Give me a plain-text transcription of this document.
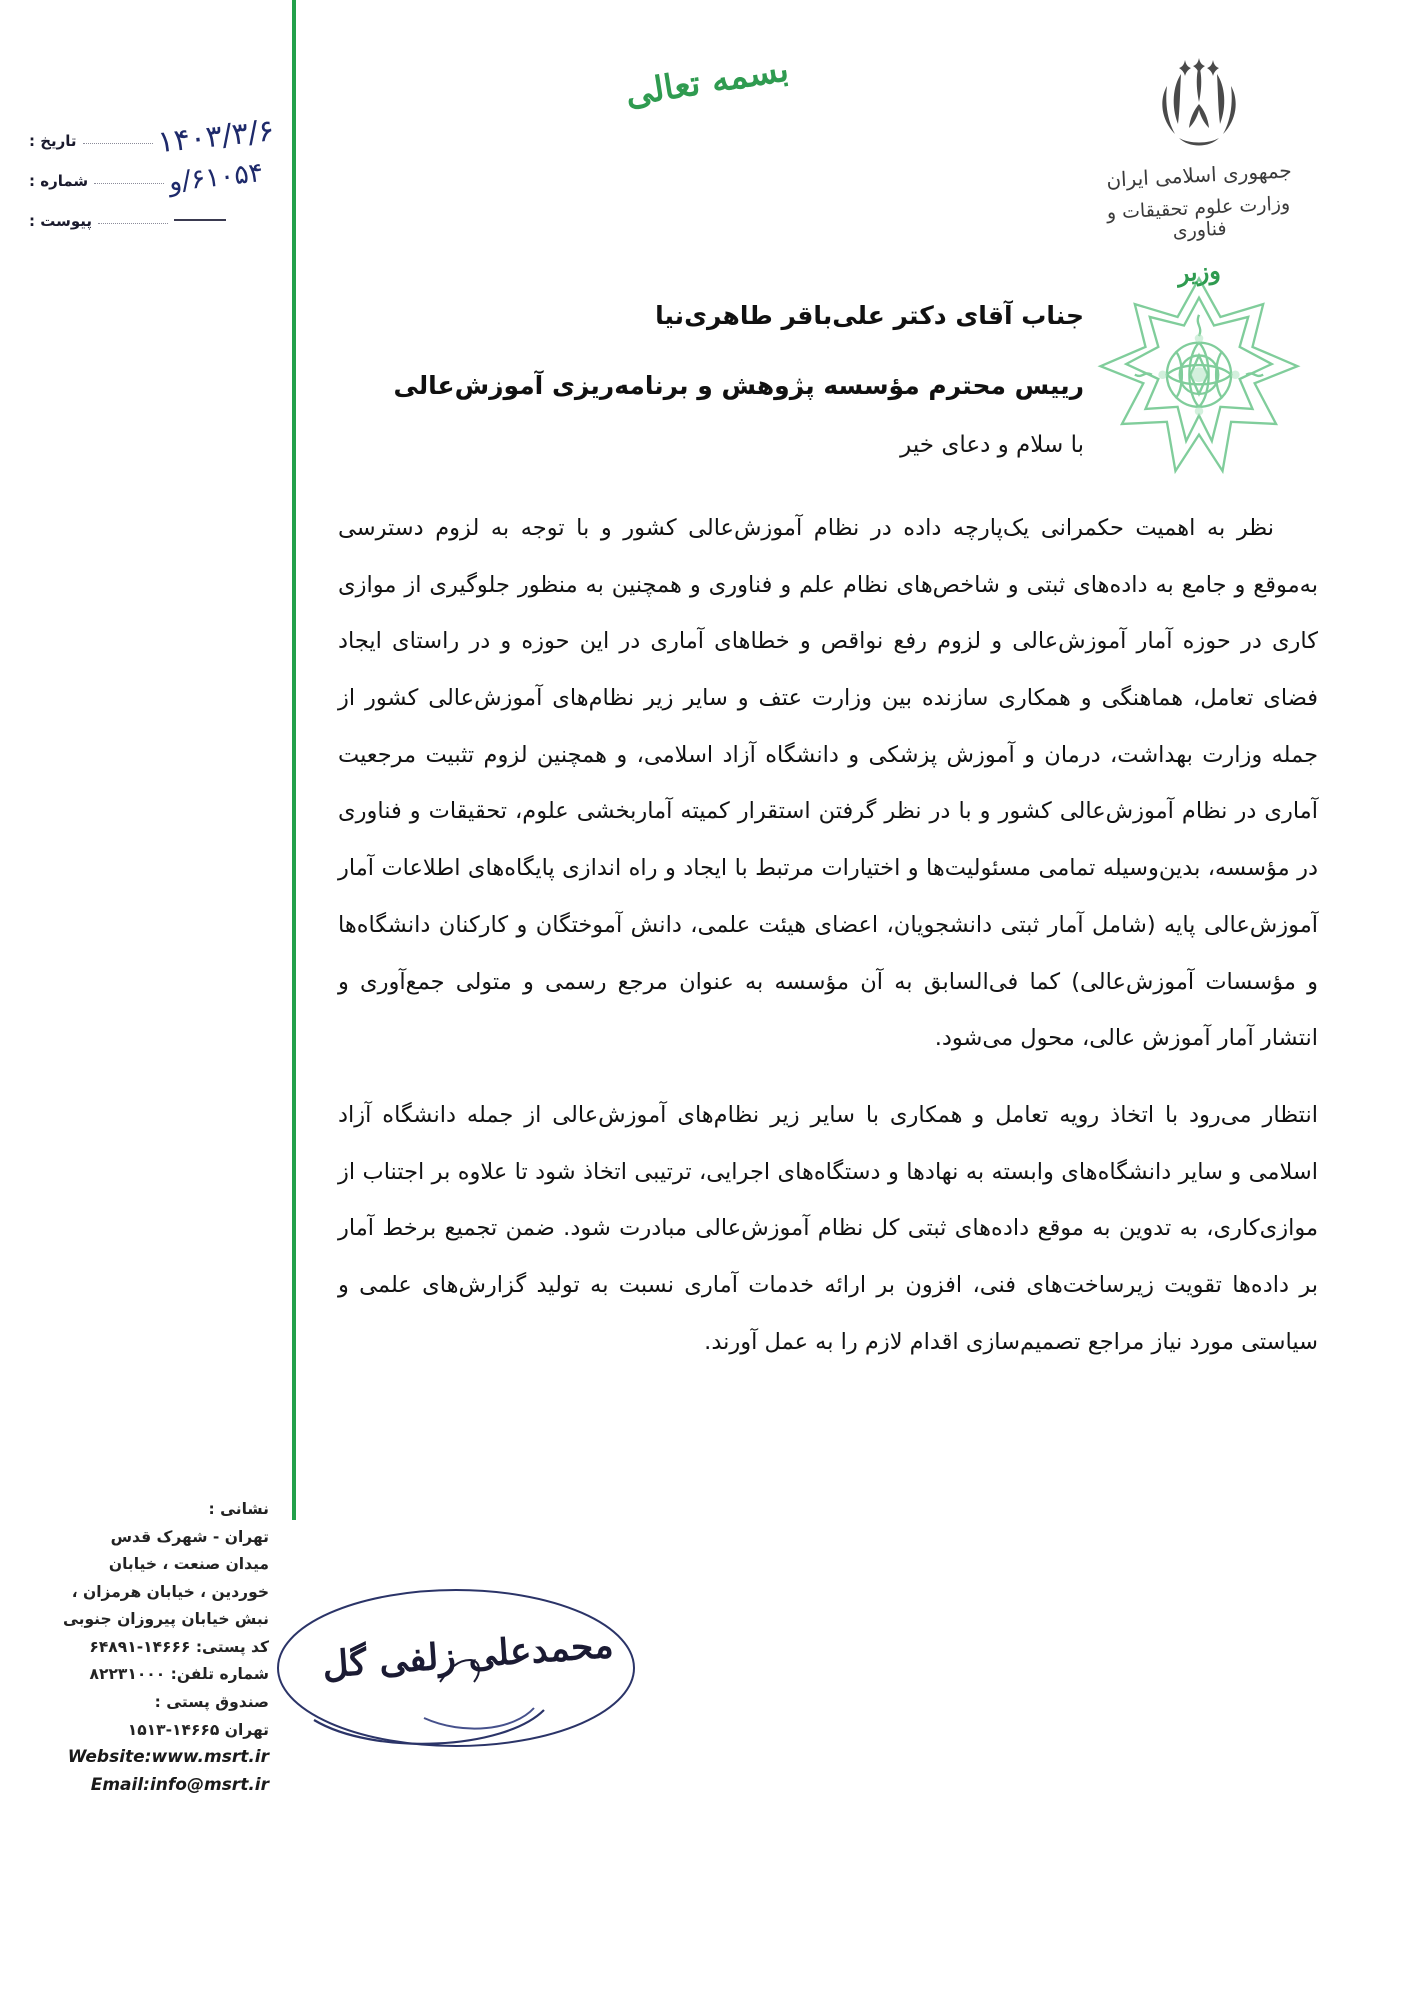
بسمه تعالی
تاریخ :	۱۴۰۳/۳/۶
شماره :	۶۱۰۵۴/و
پیوست :
جمهوری اسلامی ایران
وزارت علوم تحقیقات و فناوری
وزیر
جناب آقای دکتر علی‌باقر طاهری‌نیا
رییس محترم مؤسسه پژوهش و برنامه‌ریزی آموزش‌عالی
با سلام و دعای خیر

نظر به اهمیت حکمرانی یک‌پارچه داده در نظام آموزش‌عالی کشور و با توجه به لزوم دسترسی به‌موقع و جامع به داده‌های ثبتی و شاخص‌های نظام علم و فناوری و همچنین به منظور جلوگیری از موازی کاری در حوزه آمار آموزش‌عالی و لزوم رفع نواقص و خطاهای آماری در این حوزه و در راستای ایجاد فضای تعامل، هماهنگی و همکاری سازنده بین وزارت عتف و سایر زیر نظام‌های آموزش‌عالی کشور از جمله وزارت بهداشت، درمان و آموزش پزشکی و دانشگاه آزاد اسلامی، و همچنین لزوم تثبیت مرجعیت آماری در نظام آموزش‌عالی کشور و با در نظر گرفتن استقرار کمیته آماربخشی علوم، تحقیقات و فناوری در مؤسسه، بدین‌وسیله تمامی مسئولیت‌ها و اختیارات مرتبط با ایجاد و راه اندازی پایگاه‌های اطلاعات آمار آموزش‌عالی پایه (شامل آمار ثبتی دانشجویان، اعضای هیئت علمی، دانش آموختگان و کارکنان دانشگاه‌ها و مؤسسات آموزش‌عالی) کما فی‌السابق به آن مؤسسه به عنوان مرجع رسمی و متولی جمع‌آوری و انتشار آمار آموزش عالی، محول می‌شود.

انتظار می‌رود با اتخاذ رویه تعامل و همکاری با سایر زیر نظام‌های آموزش‌عالی از جمله دانشگاه آزاد اسلامی و سایر دانشگاه‌های وابسته به نهادها و دستگاه‌های اجرایی، ترتیبی اتخاذ شود تا علاوه بر اجتناب از موازی‌کاری، به تدوین به موقع داده‌های ثبتی کل نظام آموزش‌عالی مبادرت شود. ضمن تجمیع برخط آمار بر داده‌ها تقویت زیرساخت‌های فنی، افزون بر ارائه خدمات آماری نسبت به تولید گزارش‌های علمی و سیاستی مورد نیاز مراجع تصمیم‌سازی اقدام لازم را به عمل آورند.

محمدعلی زلفی گل
نشانی :
تهران - شهرک قدس
میدان صنعت ، خیابان
خوردین ، خیابان هرمزان ،
نبش خیابان پیروزان جنوبی
کد پستی: ۱۴۶۶۶-۶۴۸۹۱
شماره تلفن: ۸۲۲۳۱۰۰۰
صندوق پستی :
تهران ۱۴۶۶۵-۱۵۱۳
Website:www.msrt.ir
Email:info@msrt.ir
